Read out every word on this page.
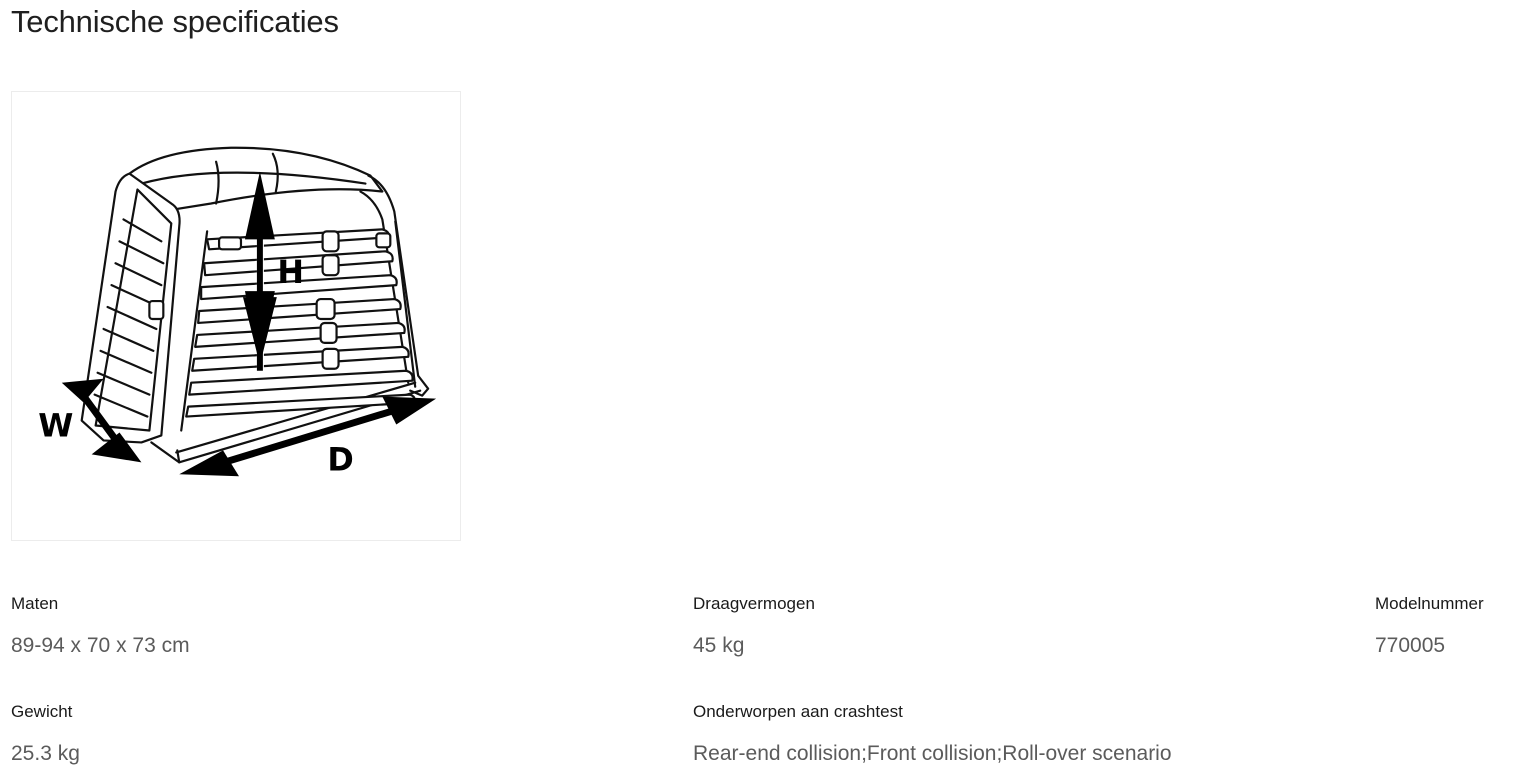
Technische specificaties
H
W
D
Maten
89-94 x 70 x 73 cm
Draagvermogen
45 kg
Modelnummer
770005
Gewicht
25.3 kg
Onderworpen aan crashtest
Rear-end collision;Front collision;Roll-over scenario
